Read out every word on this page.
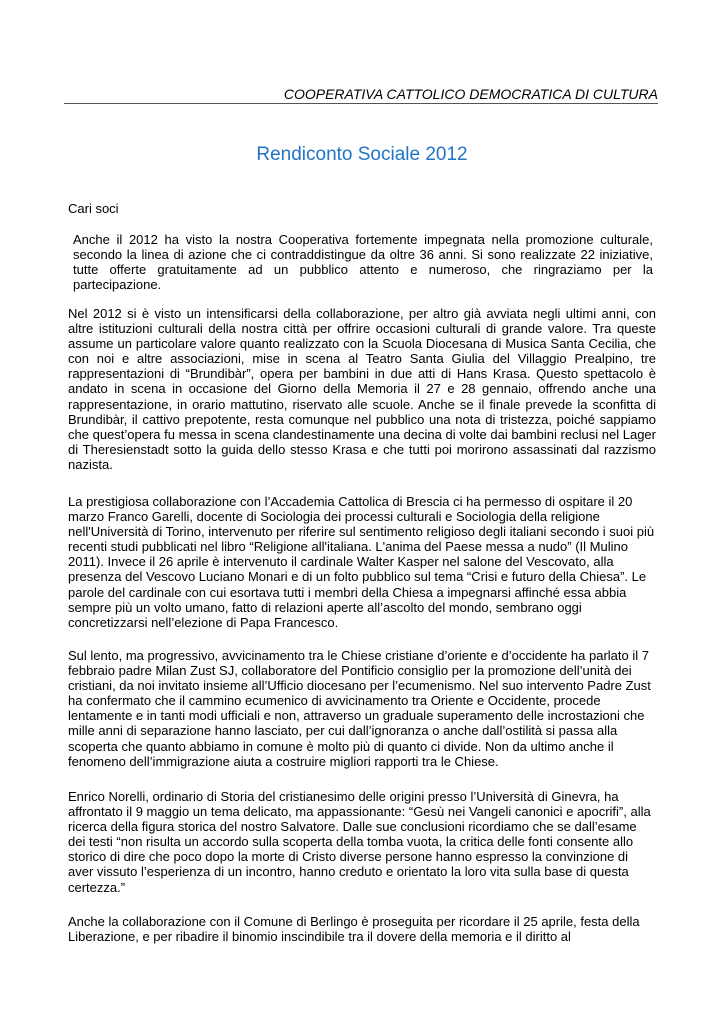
COOPERATIVA CATTOLICO DEMOCRATICA DI CULTURA
Rendiconto Sociale 2012
Cari soci

Anche il 2012 ha visto la nostra Cooperativa fortemente impegnata nella promozione culturale, secondo la linea di azione che ci contraddistingue da oltre 36 anni. Si sono realizzate 22 iniziative, tutte offerte gratuitamente ad un pubblico attento e numeroso, che ringraziamo per la partecipazione.

Nel 2012 si è visto un intensificarsi della collaborazione, per altro già avviata negli ultimi anni, con altre istituzioni culturali della nostra città per offrire occasioni culturali di grande valore. Tra queste assume un particolare valore quanto realizzato con la Scuola Diocesana di Musica Santa Cecilia, che con noi e altre associazioni, mise in scena al Teatro Santa Giulia del Villaggio Prealpino, tre rappresentazioni di “Brundibàr”, opera per bambini in due atti di Hans Krasa. Questo spettacolo è andato in scena in occasione del Giorno della Memoria il 27 e 28 gennaio, offrendo anche una rappresentazione, in orario mattutino, riservato alle scuole. Anche se il finale prevede la sconfitta di Brundibàr, il cattivo prepotente, resta comunque nel pubblico una nota di tristezza, poiché sappiamo che quest’opera fu messa in scena clandestinamente una decina di volte dai bambini reclusi nel Lager di Theresienstadt sotto la guida dello stesso Krasa e che tutti poi morirono assassinati dal razzismo nazista.

La prestigiosa collaborazione con l’Accademia Cattolica di Brescia ci ha permesso di ospitare il 20 marzo Franco Garelli, docente di Sociologia dei processi culturali e Sociologia della religione nell'Università di Torino, intervenuto per riferire sul sentimento religioso degli italiani secondo i suoi più recenti studi pubblicati nel libro “Religione all'italiana. L'anima del Paese messa a nudo” (Il Mulino 2011). Invece il 26 aprile è intervenuto il cardinale Walter Kasper nel salone del Vescovato, alla presenza del Vescovo Luciano Monari e di un folto pubblico sul tema “Crisi e futuro della Chiesa”. Le parole del cardinale con cui esortava tutti i membri della Chiesa a impegnarsi affinché essa abbia sempre più un volto umano, fatto di relazioni aperte all’ascolto del mondo, sembrano oggi concretizzarsi nell’elezione di Papa Francesco.

Sul lento, ma progressivo, avvicinamento tra le Chiese cristiane d’oriente e d’occidente ha parlato il 7 febbraio padre Milan Zust SJ, collaboratore del Pontificio consiglio per la promozione dell’unità dei cristiani, da noi invitato insieme all’Ufficio diocesano per l’ecumenismo. Nel suo intervento Padre Zust ha confermato che il cammino ecumenico di avvicinamento tra Oriente e Occidente, procede lentamente e in tanti modi ufficiali e non, attraverso un graduale superamento delle incrostazioni che mille anni di separazione hanno lasciato, per cui dall’ignoranza o anche dall’ostilità si passa alla scoperta che quanto abbiamo in comune è molto più di quanto ci divide. Non da ultimo anche il fenomeno dell’immigrazione aiuta a costruire migliori rapporti tra le Chiese.

Enrico Norelli, ordinario di Storia del cristianesimo delle origini presso l’Università di Ginevra, ha affrontato il 9 maggio un tema delicato, ma appassionante: “Gesù nei Vangeli canonici e apocrifi”, alla ricerca della figura storica del nostro Salvatore. Dalle sue conclusioni ricordiamo che se dall’esame dei testi “non risulta un accordo sulla scoperta della tomba vuota, la critica delle fonti consente allo storico di dire che poco dopo la morte di Cristo diverse persone hanno espresso la convinzione di aver vissuto l’esperienza di un incontro, hanno creduto e orientato la loro vita sulla base di questa certezza.”

Anche la collaborazione con il Comune di Berlingo è proseguita per ricordare il 25 aprile, festa della Liberazione, e per ribadire il binomio inscindibile tra il dovere della memoria e il diritto al
